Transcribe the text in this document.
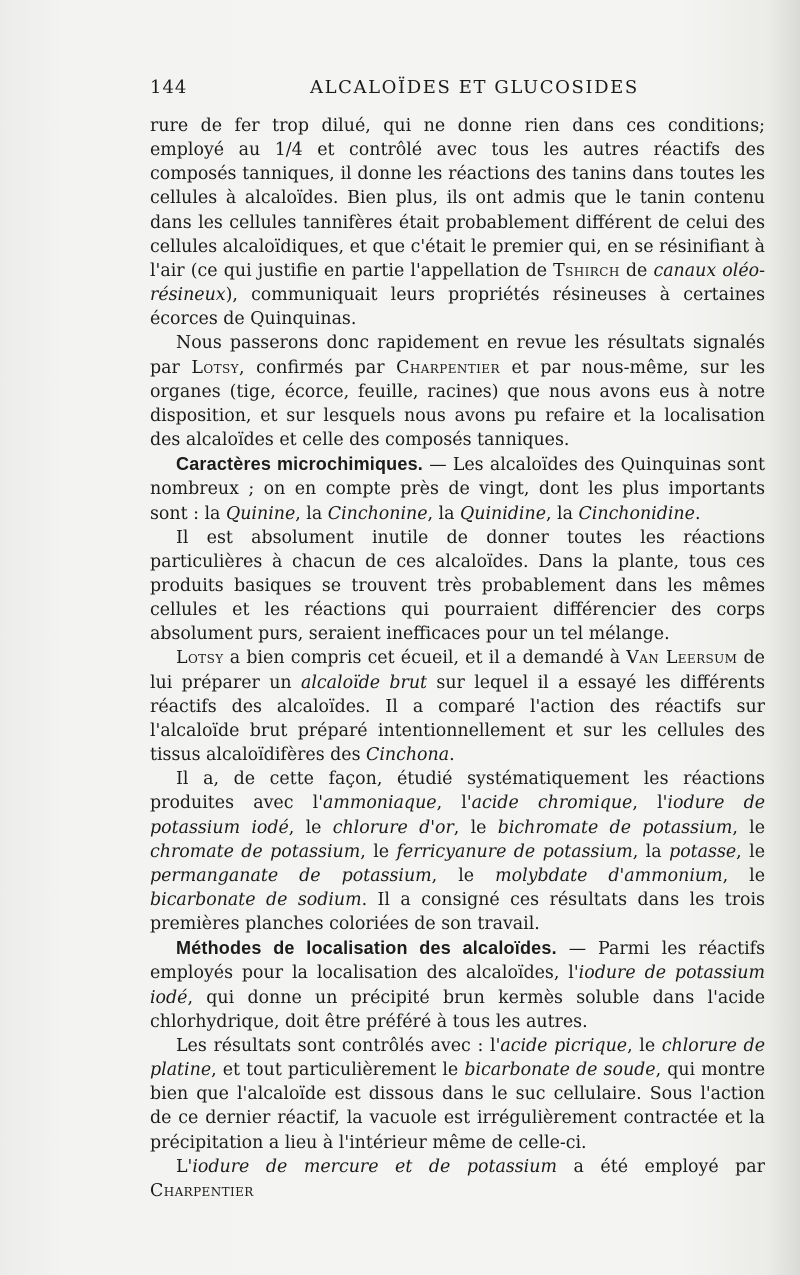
144	ALCALOÏDES ET GLUCOSIDES

rure de fer trop dilué, qui ne donne rien dans ces conditions; employé au 1/4 et contrôlé avec tous les autres réactifs des composés tanniques, il donne les réactions des tanins dans toutes les cellules à alcaloïdes. Bien plus, ils ont admis que le tanin contenu dans les cellules tannifères était probablement différent de celui des cellules alcaloïdiques, et que c'était le premier qui, en se résinifiant à l'air (ce qui justifie en partie l'appellation de Tshirch de canaux oléo-résineux), communiquait leurs propriétés résineuses à certaines écorces de Quinquinas.

Nous passerons donc rapidement en revue les résultats signalés par Lotsy, confirmés par Charpentier et par nous-même, sur les organes (tige, écorce, feuille, racines) que nous avons eus à notre disposition, et sur lesquels nous avons pu refaire et la localisation des alcaloïdes et celle des composés tanniques.

Caractères microchimiques. — Les alcaloïdes des Quinquinas sont nombreux ; on en compte près de vingt, dont les plus importants sont : la Quinine, la Cinchonine, la Quinidine, la Cinchonidine.

Il est absolument inutile de donner toutes les réactions particulières à chacun de ces alcaloïdes. Dans la plante, tous ces produits basiques se trouvent très probablement dans les mêmes cellules et les réactions qui pourraient différencier des corps absolument purs, seraient inefficaces pour un tel mélange.

Lotsy a bien compris cet écueil, et il a demandé à Van Leersum de lui préparer un alcaloïde brut sur lequel il a essayé les différents réactifs des alcaloïdes. Il a comparé l'action des réactifs sur l'alcaloïde brut préparé intentionnellement et sur les cellules des tissus alcaloïdifères des Cinchona.

Il a, de cette façon, étudié systématiquement les réactions produites avec l'ammoniaque, l'acide chromique, l'iodure de potassium iodé, le chlorure d'or, le bichromate de potassium, le chromate de potassium, le ferricyanure de potassium, la potasse, le permanganate de potassium, le molybdate d'ammonium, le bicarbonate de sodium. Il a consigné ces résultats dans les trois premières planches coloriées de son travail.

Méthodes de localisation des alcaloïdes. — Parmi les réactifs employés pour la localisation des alcaloïdes, l'iodure de potassium iodé, qui donne un précipité brun kermès soluble dans l'acide chlorhydrique, doit être préféré à tous les autres.

Les résultats sont contrôlés avec : l'acide picrique, le chlorure de platine, et tout particulièrement le bicarbonate de soude, qui montre bien que l'alcaloïde est dissous dans le suc cellulaire. Sous l'action de ce dernier réactif, la vacuole est irrégulièrement contractée et la précipitation a lieu à l'intérieur même de celle-ci.

L'iodure de mercure et de potassium a été employé par Charpentier
